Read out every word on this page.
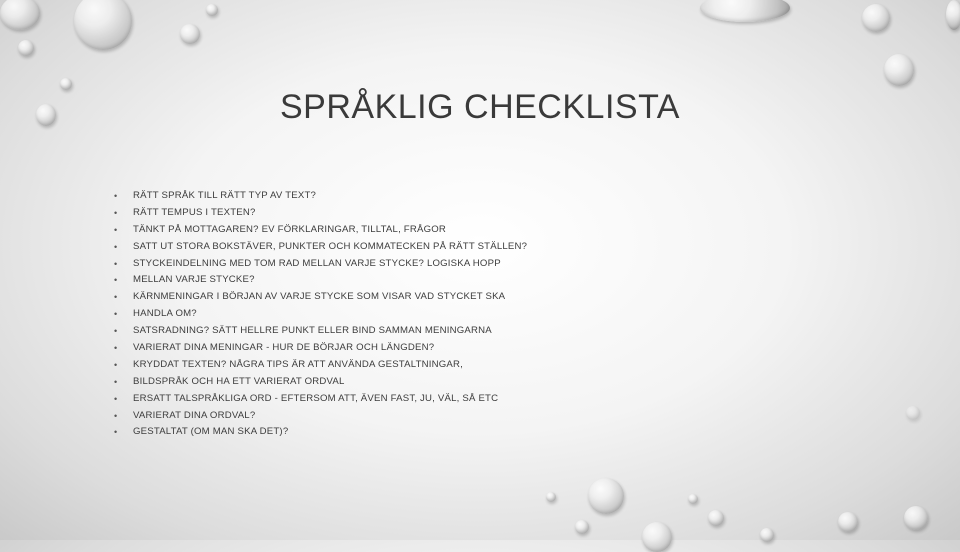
SPRÅKLIG CHECKLISTA
• RÄTT SPRÅK TILL RÄTT TYP AV TEXT?
• RÄTT TEMPUS I TEXTEN?
• TÄNKT PÅ MOTTAGAREN? EV FÖRKLARINGAR, TILLTAL, FRÅGOR
• SATT UT STORA BOKSTÄVER, PUNKTER OCH KOMMATECKEN PÅ RÄTT STÄLLEN?
• STYCKEINDELNING MED TOM RAD MELLAN VARJE STYCKE? LOGISKA HOPP
• MELLAN VARJE STYCKE?
• KÄRNMENINGAR I BÖRJAN AV VARJE STYCKE SOM VISAR VAD STYCKET SKA
• HANDLA OM?
• SATSRADNING? SÄTT HELLRE PUNKT ELLER BIND SAMMAN MENINGARNA
• VARIERAT DINA MENINGAR - HUR DE BÖRJAR OCH LÄNGDEN?
• KRYDDAT TEXTEN? NÅGRA TIPS ÄR ATT ANVÄNDA GESTALTNINGAR,
• BILDSPRÅK OCH HA ETT VARIERAT ORDVAL
• ERSATT TALSPRÅKLIGA ORD - EFTERSOM ATT, ÄVEN FAST, JU, VÄL, SÅ ETC
• VARIERAT DINA ORDVAL?
• GESTALTAT (OM MAN SKA DET)?
